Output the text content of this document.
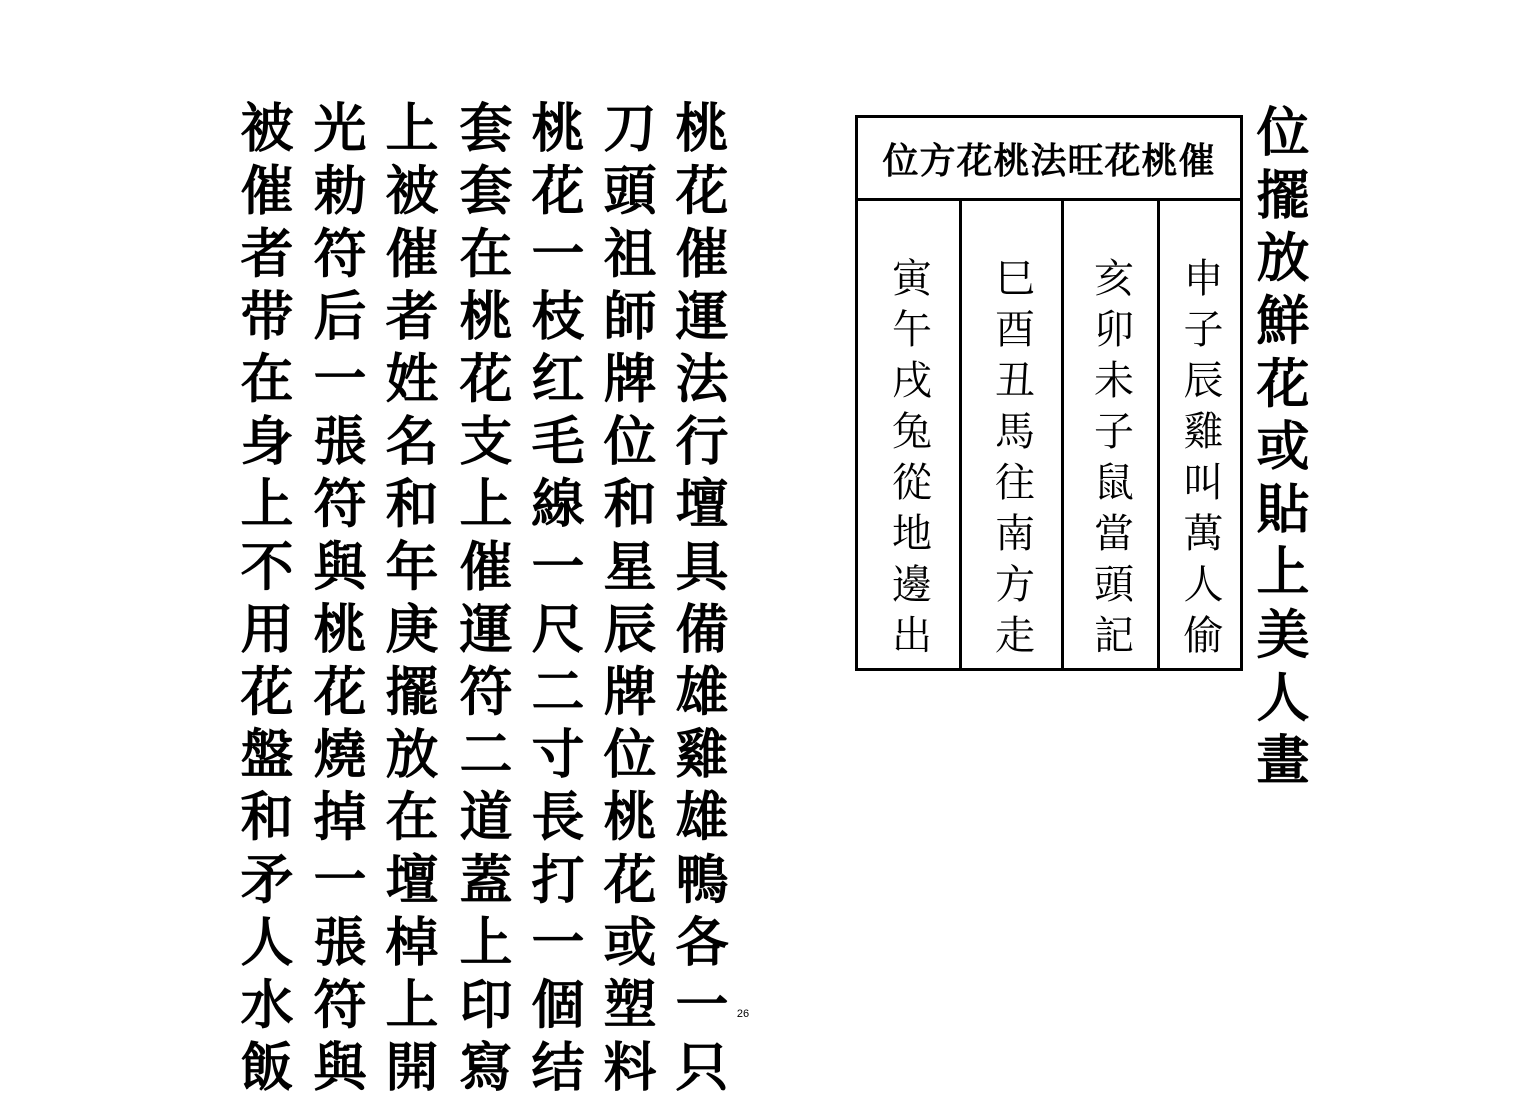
桃花催運法行壇具備雄雞雄鴨各一只
刀頭祖師牌位和星辰牌位桃花或塑料
桃花一枝红毛線一尺二寸長打一個结
套套在桃花支上催運符二道蓋上印寫
上被催者姓名和年庚擺放在壇棹上開
光勅符后一張符與桃花燒掉一張符與
被催者带在身上不用花盤和矛人水飯	位擺放鮮花或貼上美人畫
催桃花旺法桃花方位
申子辰雞叫萬人偷
亥卯未子鼠當頭記
巳酉丑馬往南方走
寅午戌兔從地邊出
26
